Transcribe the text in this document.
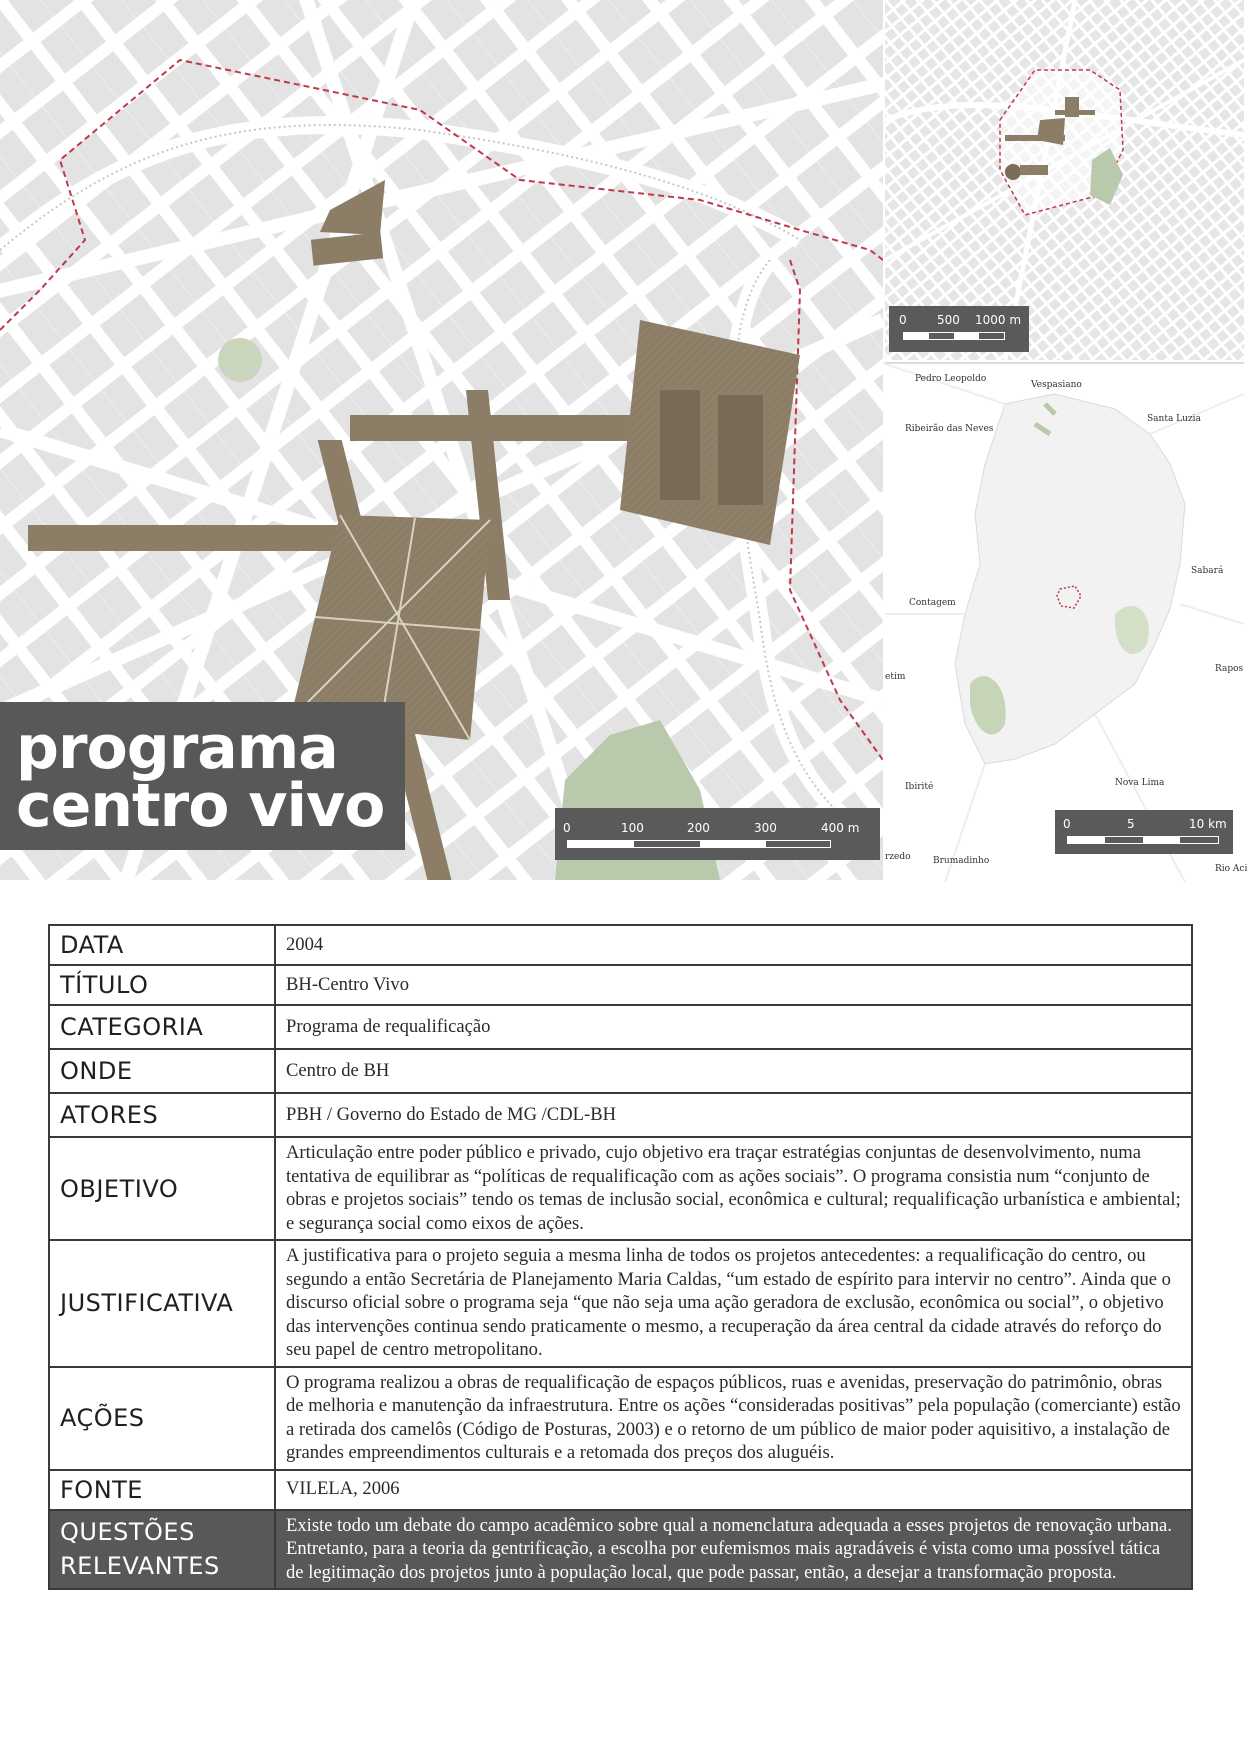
programa
centro vivo	0	100	200	300	400 m
0	500 1000 m
Pedro Leopoldo
Vespasiano
Santa Luzia
Ribeirão das Neves
Sabará
Contagem
etim
Rapos
Ibirité	Nova Lima
rzedo Brumadinho
Rio Aci
0	5	10 km
DATA	2004
TÍTULO	BH-Centro Vivo
CATEGORIA	Programa de requalificação
ONDE	Centro de BH
ATORES	PBH / Governo do Estado de MG /CDL-BH
OBJETIVO	Articulação entre poder público e privado, cujo objetivo era traçar estratégias conjuntas de desenvolvimento, numa tentativa de equilibrar as “políticas de requalificação com as ações sociais”. O programa consistia num “conjunto de obras e projetos sociais” tendo os temas de inclusão social, econômica e cultural; requalificação urbanística e ambiental; e segurança social como eixos de ações.
JUSTIFICATIVA	A justificativa para o projeto seguia a mesma linha de todos os projetos antecedentes: a requalificação do centro, ou segundo a então Secretária de Planejamento Maria Caldas, “um estado de espírito para intervir no centro”. Ainda que o discurso oficial sobre o programa seja “que não seja uma ação geradora de exclusão, econômica ou social”, o objetivo das intervenções continua sendo praticamente o mesmo, a recuperação da área central da cidade através do reforço do seu papel de centro metropolitano.
AÇÕES	O programa realizou a obras de requalificação de espaços públicos, ruas e avenidas, preservação do patrimônio, obras de melhoria e manutenção da infraestrutura. Entre os ações “consideradas positivas” pela população (comerciante) estão a retirada dos camelôs (Código de Posturas, 2003) e o retorno de um público de maior poder aquisitivo, a instalação de grandes empreendimentos culturais e a retomada dos preços dos aluguéis.
FONTE	VILELA, 2006
QUESTÕES RELEVANTES	Existe todo um debate do campo acadêmico sobre qual a nomenclatura adequada a esses projetos de renovação urbana. Entretanto, para a teoria da gentrificação, a escolha por eufemismos mais agradáveis é vista como uma possível tática de legitimação dos projetos junto à população local, que pode passar, então, a desejar a transformação proposta.
